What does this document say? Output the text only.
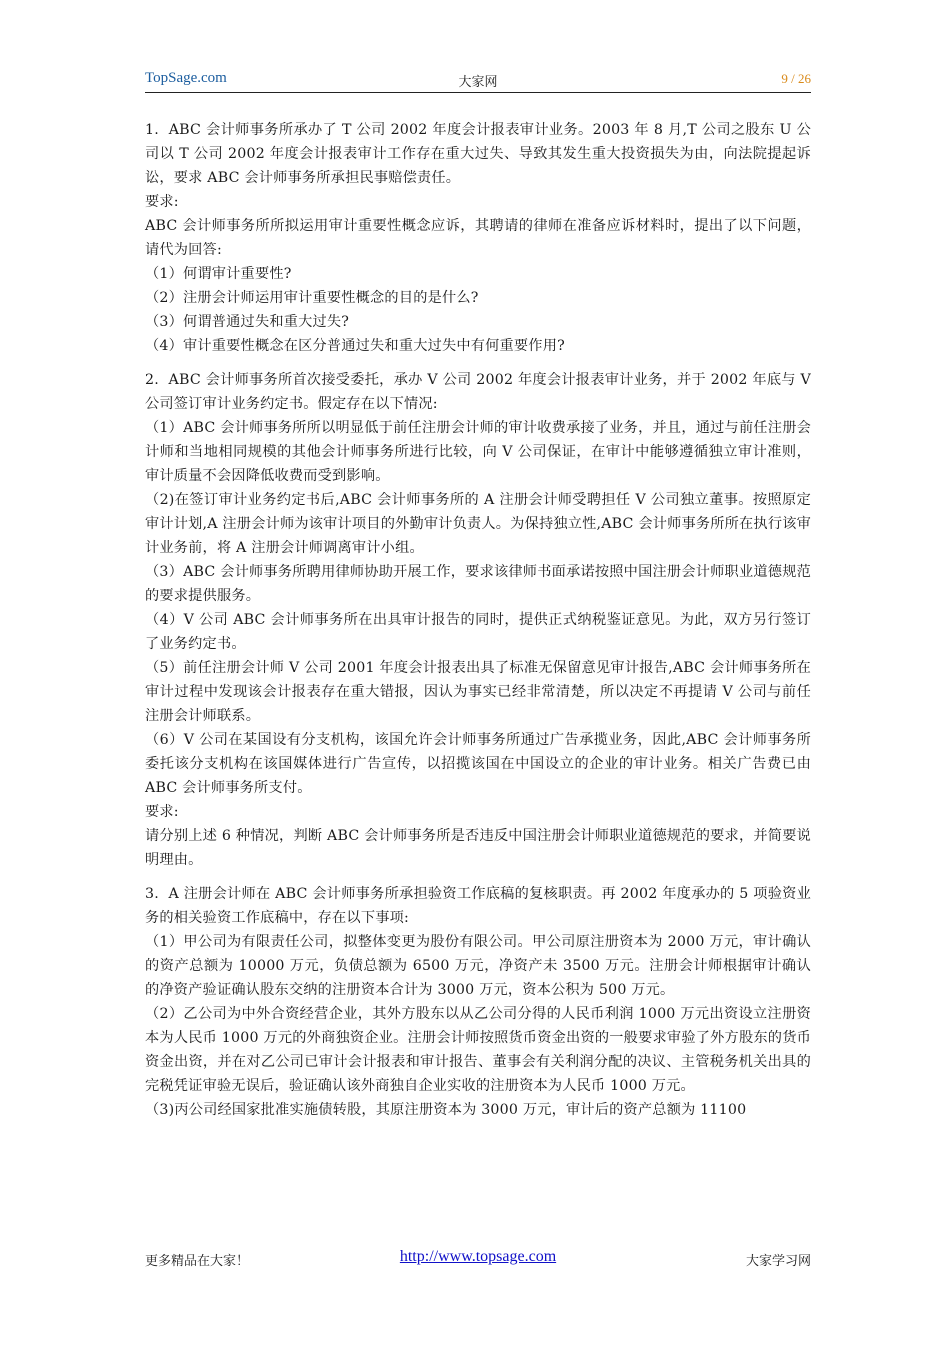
TopSage.com	大家网	9 / 26

1.  ABC 会计师事务所承办了 T 公司 2002 年度会计报表审计业务。2003 年 8 月,T 公司之股东 U 公司以 T 公司 2002 年度会计报表审计工作存在重大过失、导致其发生重大投资损失为由，向法院提起诉讼，要求 ABC 会计师事务所承担民事赔偿责任。

要求:

ABC 会计师事务所所拟运用审计重要性概念应诉，其聘请的律师在准备应诉材料时，提出了以下问题，请代为回答:

（1）何谓审计重要性?

（2）注册会计师运用审计重要性概念的目的是什么?

（3）何谓普通过失和重大过失?

（4）审计重要性概念在区分普通过失和重大过失中有何重要作用?

2.  ABC 会计师事务所首次接受委托，承办 V 公司 2002 年度会计报表审计业务，并于 2002 年底与 V 公司签订审计业务约定书。假定存在以下情况:

（1）ABC 会计师事务所所以明显低于前任注册会计师的审计收费承接了业务，并且，通过与前任注册会计师和当地相同规模的其他会计师事务所进行比较，向 V 公司保证，在审计中能够遵循独立审计准则，审计质量不会因降低收费而受到影响。

（2)在签订审计业务约定书后,ABC 会计师事务所的 A 注册会计师受聘担任 V 公司独立董事。按照原定审计计划,A 注册会计师为该审计项目的外勤审计负责人。为保持独立性,ABC 会计师事务所所在执行该审计业务前，将 A 注册会计师调离审计小组。

（3）ABC 会计师事务所聘用律师协助开展工作，要求该律师书面承诺按照中国注册会计师职业道德规范的要求提供服务。

（4）V 公司 ABC 会计师事务所在出具审计报告的同时，提供正式纳税鉴证意见。为此，双方另行签订了业务约定书。

（5）前任注册会计师 V 公司 2001 年度会计报表出具了标准无保留意见审计报告,ABC 会计师事务所在审计过程中发现该会计报表存在重大错报，因认为事实已经非常清楚，所以决定不再提请 V 公司与前任注册会计师联系。

（6）V 公司在某国设有分支机构，该国允许会计师事务所通过广告承揽业务，因此,ABC 会计师事务所委托该分支机构在该国媒体进行广告宣传，以招揽该国在中国设立的企业的审计业务。相关广告费已由 ABC 会计师事务所支付。

要求:

请分别上述 6 种情况，判断 ABC 会计师事务所是否违反中国注册会计师职业道德规范的要求，并简要说明理由。

3.  A 注册会计师在 ABC 会计师事务所承担验资工作底稿的复核职责。再 2002 年度承办的 5 项验资业务的相关验资工作底稿中，存在以下事项:

（1）甲公司为有限责任公司，拟整体变更为股份有限公司。甲公司原注册资本为 2000 万元，审计确认的资产总额为 10000 万元，负债总额为 6500 万元，净资产未 3500 万元。注册会计师根据审计确认的净资产验证确认股东交纳的注册资本合计为 3000 万元，资本公积为 500 万元。

（2）乙公司为中外合资经营企业，其外方股东以从乙公司分得的人民币利润 1000 万元出资设立注册资本为人民币 1000 万元的外商独资企业。注册会计师按照货币资金出资的一般要求审验了外方股东的货币资金出资，并在对乙公司已审计会计报表和审计报告、董事会有关利润分配的决议、主管税务机关出具的完税凭证审验无误后，验证确认该外商独自企业实收的注册资本为人民币 1000 万元。

（3)丙公司经国家批准实施债转股，其原注册资本为 3000 万元，审计后的资产总额为 11100

更多精品在大家！	http://www.topsage.com	大家学习网
